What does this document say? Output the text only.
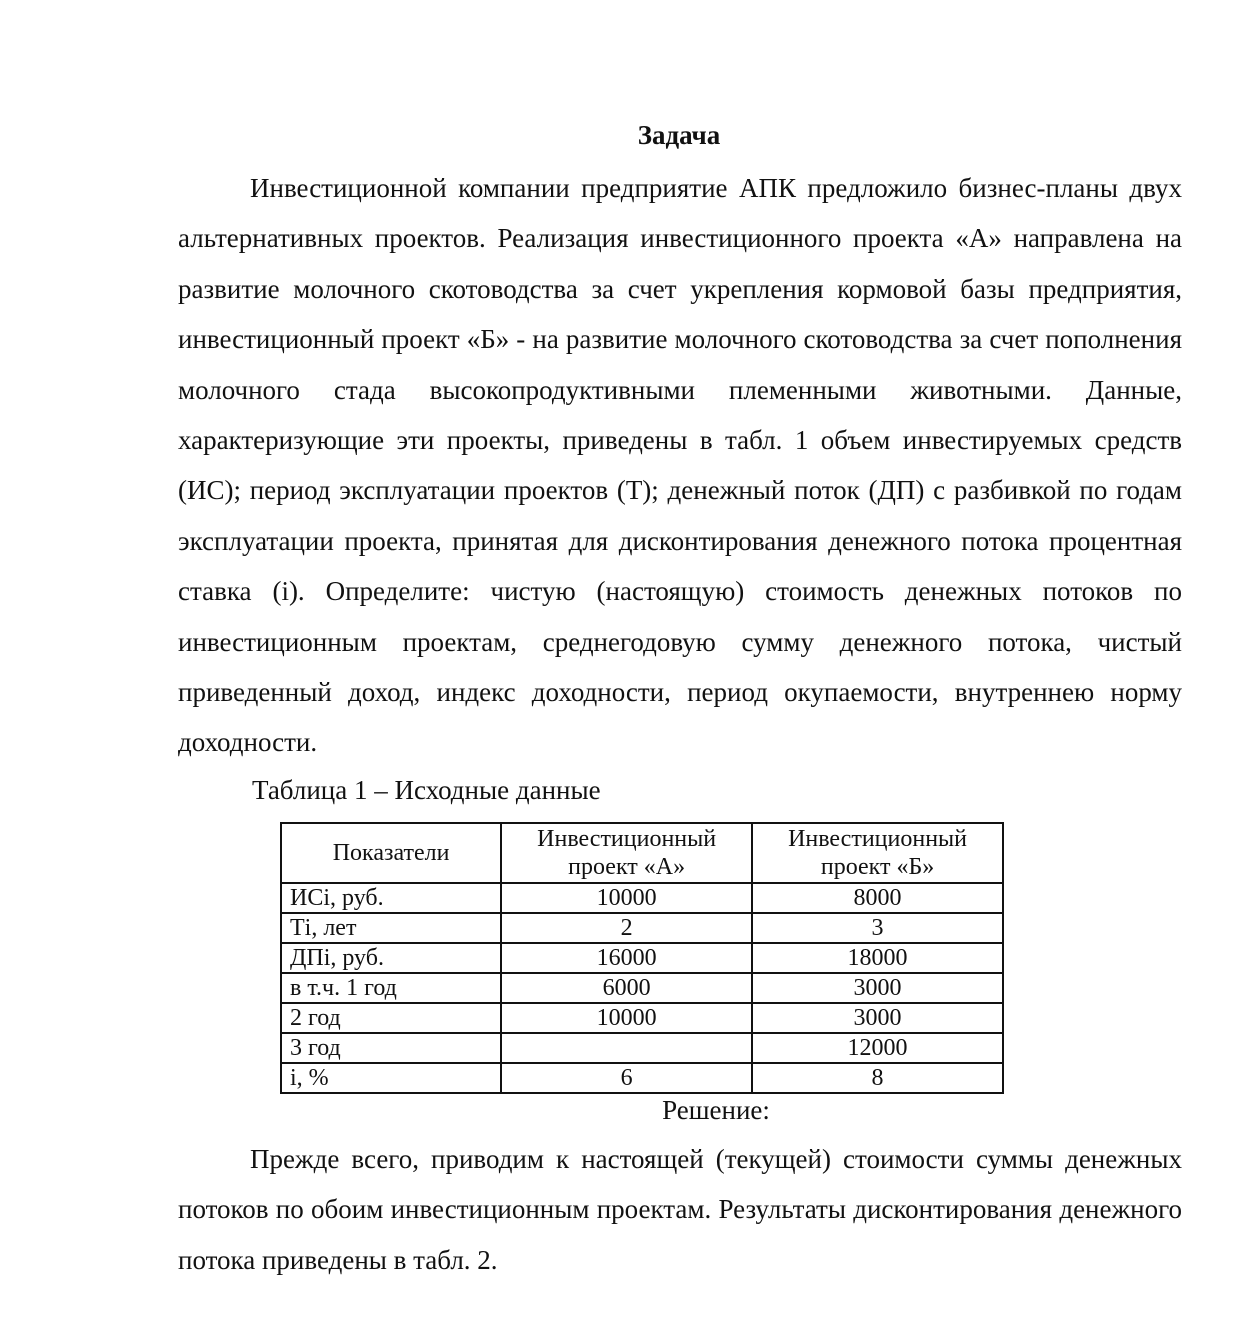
Задача

Инвестиционной компании предприятие АПК предложило бизнес-планы двух альтернативных проектов. Реализация инвестиционного проекта «А» направлена на развитие молочного скотоводства за счет укрепления кормовой базы предприятия, инвестиционный проект «Б» - на развитие молочного скотоводства за счет пополнения молочного стада высокопродуктивными племенными животными. Данные, характеризующие эти проекты, приведены в табл. 1 объем инвестируемых средств (ИС); период эксплуатации проектов (Т); денежный поток (ДП) с разбивкой по годам эксплуатации проекта, принятая для дисконтирования денежного потока процентная ставка (i). Определите: чистую (настоящую) стоимость денежных потоков по инвестиционным проектам, среднегодовую сумму денежного потока, чистый приведенный доход, индекс доходности, период окупаемости, внутреннею норму доходности.

Таблица 1 – Исходные данные

Показатели	Инвестиционный проект «А»	Инвестиционный проект «Б»
ИСi, руб.	10000	8000
Тi, лет	2	3
ДПi, руб.	16000	18000
в т.ч. 1 год	6000	3000
2 год	10000	3000
3 год		12000
i, %	6	8

Решение:

Прежде всего, приводим к настоящей (текущей) стоимости суммы денежных потоков по обоим инвестиционным проектам. Результаты дисконтирования денежного потока приведены в табл. 2.
